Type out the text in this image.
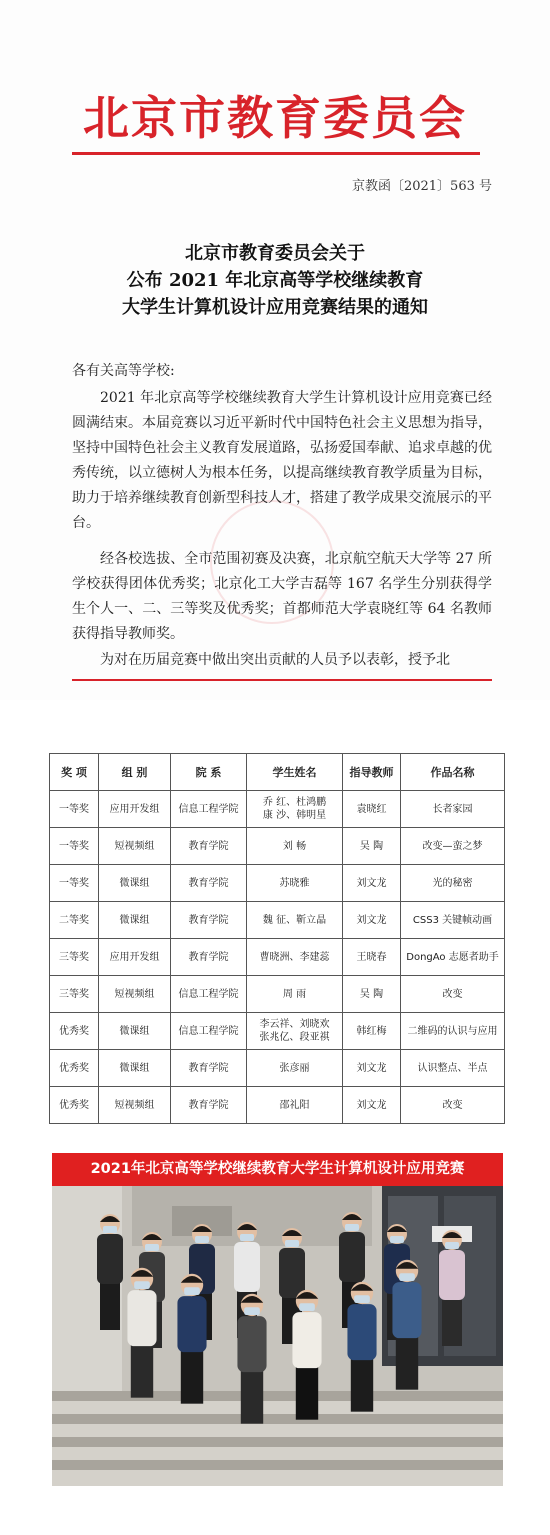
北京市教育委员会
京教函〔2021〕563 号
北京市教育委员会关于
公布 2021 年北京高等学校继续教育
大学生计算机设计应用竞赛结果的通知
各有关高等学校:
2021 年北京高等学校继续教育大学生计算机设计应用竞赛已经圆满结束。本届竞赛以习近平新时代中国特色社会主义思想为指导，坚持中国特色社会主义教育发展道路，弘扬爱国奉献、追求卓越的优秀传统，以立德树人为根本任务，以提高继续教育教学质量为目标，助力于培养继续教育创新型科技人才，搭建了教学成果交流展示的平台。
经各校选拔、全市范围初赛及决赛，北京航空航天大学等 27 所学校获得团体优秀奖；北京化工大学吉磊等 167 名学生分别获得学生个人一、二、三等奖及优秀奖；首都师范大学袁晓红等 64 名教师获得指导教师奖。
为对在历届竞赛中做出突出贡献的人员予以表彰，授予北
奖 项	组 别	院 系	学生姓名	指导教师	作品名称
一等奖	应用开发组	信息工程学院	乔 红、杜鸿鹏
康 沙、韩明星	袁晓红	长者家园
一等奖	短视频组	教育学院	刘 畅	吴 陶	改变—蛮之梦
一等奖	微课组	教育学院	苏晓雅	刘文龙	光的秘密
二等奖	微课组	教育学院	魏 征、靳立晶	刘文龙	CSS3 关键帧动画
三等奖	应用开发组	教育学院	曹晓洲、李建蕊	王晓春	DongAo 志愿者助手
三等奖	短视频组	信息工程学院	周 雨	吴 陶	改变
优秀奖	微课组	信息工程学院	李云祥、刘晓欢
张兆亿、段亚祺	韩红梅	二维码的认识与应用
优秀奖	微课组	教育学院	张彦丽	刘文龙	认识整点、半点
优秀奖	短视频组	教育学院	邵礼阳	刘文龙	改变
2021年北京高等学校继续教育大学生计算机设计应用竞赛
